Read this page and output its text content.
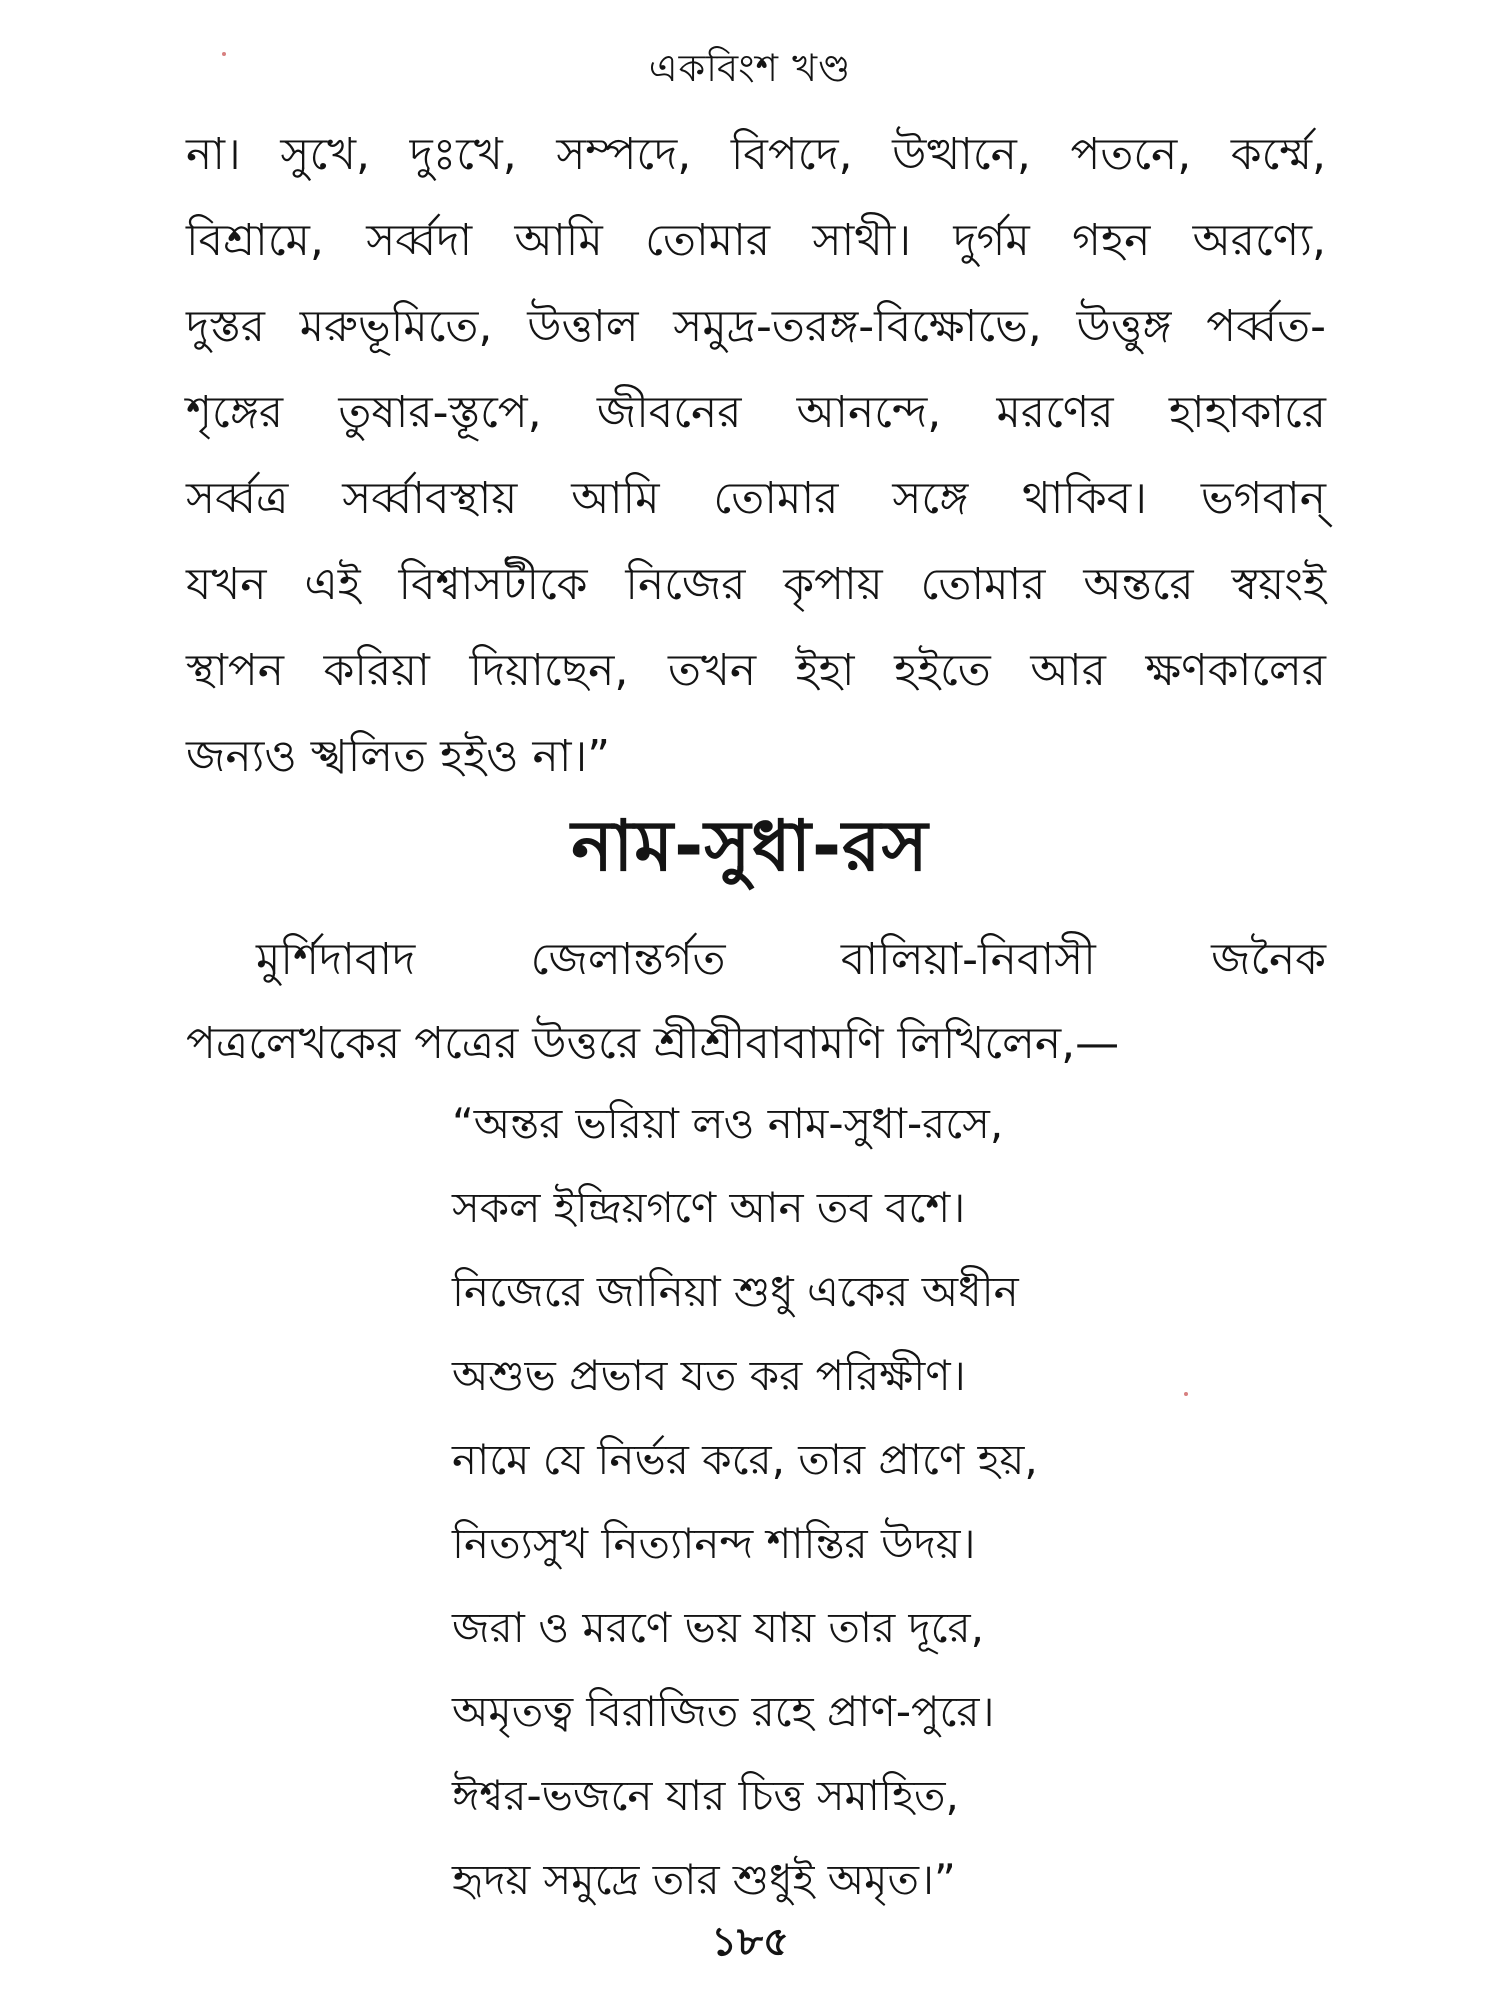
একবিংশ খণ্ড
না। সুখে, দুঃখে, সম্পদে, বিপদে, উত্থানে, পতনে, কর্ম্মে,
বিশ্রামে, সর্ব্বদা আমি তোমার সাথী। দুর্গম গহন অরণ্যে,
দুস্তর মরুভূমিতে, উত্তাল সমুদ্র-তরঙ্গ-বিক্ষোভে, উত্তুঙ্গ পর্ব্বত-
শৃঙ্গের তুষার-স্তূপে, জীবনের আনন্দে, মরণের হাহাকারে
সর্ব্বত্র সর্ব্বাবস্থায় আমি তোমার সঙ্গে থাকিব। ভগবান্
যখন এই বিশ্বাসটীকে নিজের কৃপায় তোমার অন্তরে স্বয়ংই
স্থাপন করিয়া দিয়াছেন, তখন ইহা হইতে আর ক্ষণকালের
জন্যও স্খলিত হইও না।”
নাম-সুধা-রস
মুর্শিদাবাদ জেলান্তর্গত বালিয়া-নিবাসী জনৈক
পত্রলেখকের পত্রের উত্তরে শ্রীশ্রীবাবামণি লিখিলেন,—
“অন্তর ভরিয়া লও নাম-সুধা-রসে,
সকল ইন্দ্রিয়গণে আন তব বশে।
নিজেরে জানিয়া শুধু একের অধীন
অশুভ প্রভাব যত কর পরিক্ষীণ।
নামে যে নির্ভর করে, তার প্রাণে হয়,
নিত্যসুখ নিত্যানন্দ শান্তির উদয়।
জরা ও মরণে ভয় যায় তার দূরে,
অমৃতত্ব বিরাজিত রহে প্রাণ-পুরে।
ঈশ্বর-ভজনে যার চিত্ত সমাহিত,
হৃদয় সমুদ্রে তার শুধুই অমৃত।”
১৮৫
